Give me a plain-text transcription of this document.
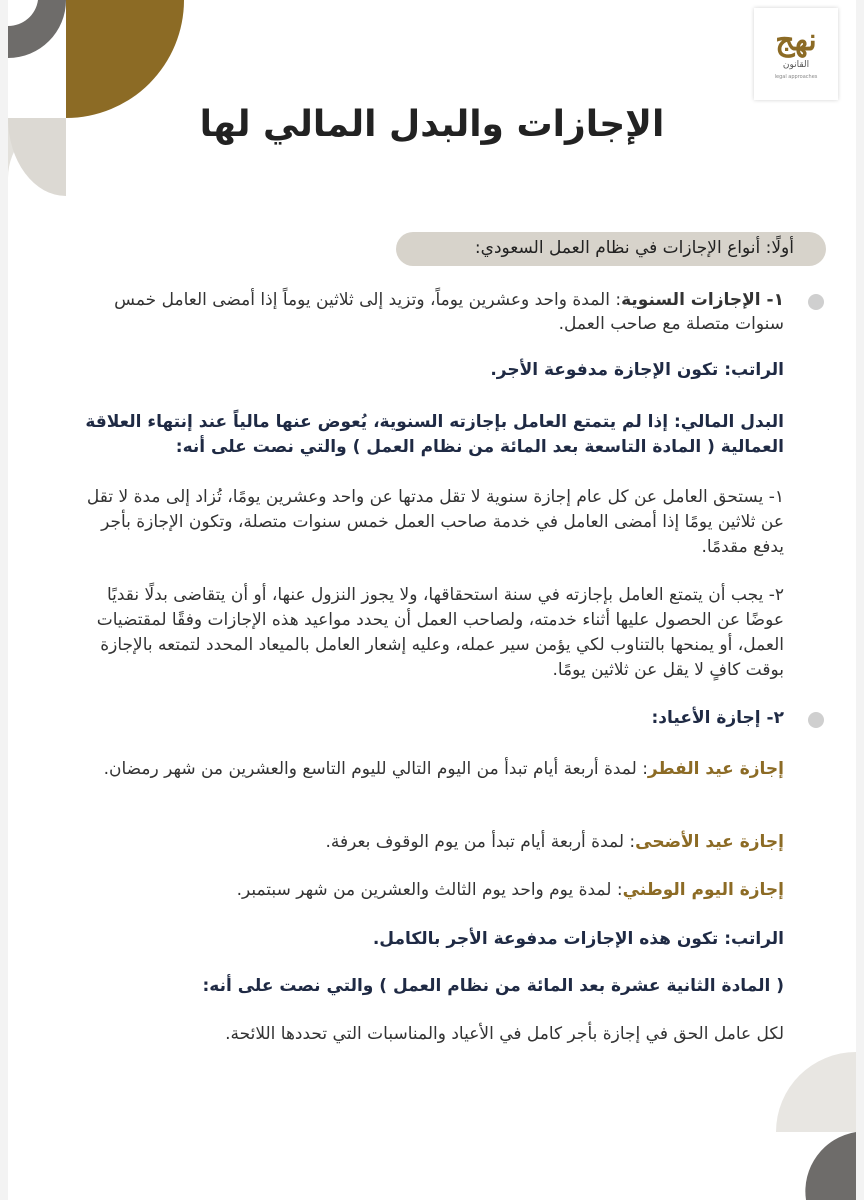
نهج
القانون
legal approaches
الإجازات والبدل المالي لها
أولًا: أنواع الإجازات في نظام العمل السعودي:
١- الإجازات السنوية: المدة واحد وعشرين يوماً، وتزيد إلى ثلاثين يوماً إذا أمضى العامل خمس سنوات متصلة مع صاحب العمل.
الراتب: تكون الإجازة مدفوعة الأجر.
البدل المالي: إذا لم يتمتع العامل بإجازته السنوية، يُعوض عنها مالياً عند إنتهاء العلاقة العمالية ( المادة التاسعة بعد المائة من نظام العمل ) والتي نصت على أنه:
١- يستحق العامل عن كل عام إجازة سنوية لا تقل مدتها عن واحد وعشرين يومًا، تُزاد إلى مدة لا تقل عن ثلاثين يومًا إذا أمضى العامل في خدمة صاحب العمل خمس سنوات متصلة، وتكون الإجازة بأجر يدفع مقدمًا.
٢- يجب أن يتمتع العامل بإجازته في سنة استحقاقها، ولا يجوز النزول عنها، أو أن يتقاضى بدلًا نقديًا عوضًا عن الحصول عليها أثناء خدمته، ولصاحب العمل أن يحدد مواعيد هذه الإجازات وفقًا لمقتضيات العمل، أو يمنحها بالتناوب لكي يؤمن سير عمله، وعليه إشعار العامل بالميعاد المحدد لتمتعه بالإجازة بوقت كافٍ لا يقل عن ثلاثين يومًا.
٢- إجازة الأعياد:
إجازة عيد الفطر: لمدة أربعة أيام تبدأ من اليوم التالي لليوم التاسع والعشرين من شهر رمضان.
إجازة عيد الأضحى: لمدة أربعة أيام تبدأ من يوم الوقوف بعرفة.
إجازة اليوم الوطني: لمدة يوم واحد يوم الثالث والعشرين من شهر سبتمبر.
الراتب: تكون هذه الإجازات مدفوعة الأجر بالكامل.
( المادة الثانية عشرة بعد المائة من نظام العمل ) والتي نصت على أنه:
لكل عامل الحق في إجازة بأجر كامل في الأعياد والمناسبات التي تحددها اللائحة.
